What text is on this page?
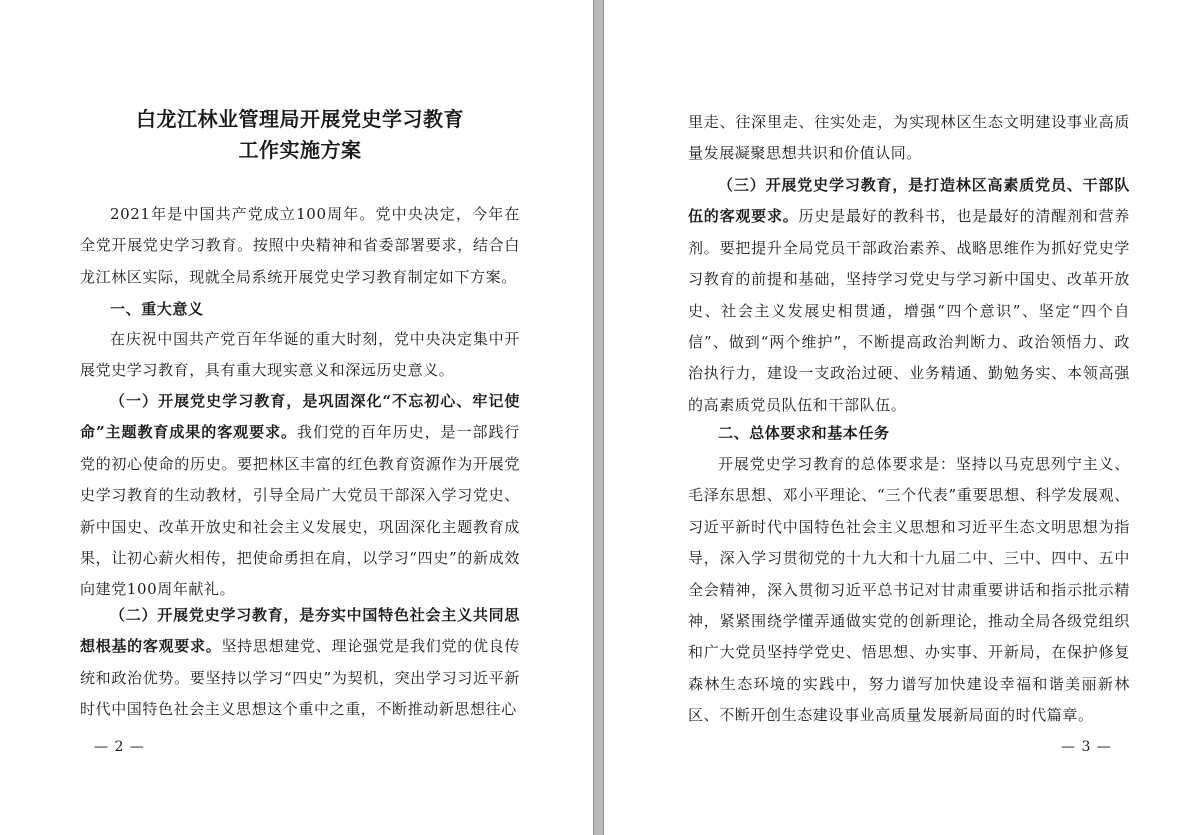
白龙江林业管理局开展党史学习教育
工作实施方案

2021年是中国共产党成立100周年。党中央决定，今年在全党开展党史学习教育。按照中央精神和省委部署要求，结合白龙江林区实际，现就全局系统开展党史学习教育制定如下方案。

一、重大意义

在庆祝中国共产党百年华诞的重大时刻，党中央决定集中开展党史学习教育，具有重大现实意义和深远历史意义。

（一）开展党史学习教育，是巩固深化“不忘初心、牢记使命”主题教育成果的客观要求。我们党的百年历史，是一部践行党的初心使命的历史。要把林区丰富的红色教育资源作为开展党史学习教育的生动教材，引导全局广大党员干部深入学习党史、新中国史、改革开放史和社会主义发展史，巩固深化主题教育成果，让初心薪火相传，把使命勇担在肩，以学习“四史”的新成效向建党100周年献礼。

（二）开展党史学习教育，是夯实中国特色社会主义共同思想根基的客观要求。坚持思想建党、理论强党是我们党的优良传统和政治优势。要坚持以学习“四史”为契机，突出学习习近平新时代中国特色社会主义思想这个重中之重，不断推动新思想往心

— 2 —

里走、往深里走、往实处走，为实现林区生态文明建设事业高质量发展凝聚思想共识和价值认同。

（三）开展党史学习教育，是打造林区高素质党员、干部队伍的客观要求。历史是最好的教科书，也是最好的清醒剂和营养剂。要把提升全局党员干部政治素养、战略思维作为抓好党史学习教育的前提和基础，坚持学习党史与学习新中国史、改革开放史、社会主义发展史相贯通，增强“四个意识”、坚定“四个自信”、做到“两个维护”，不断提高政治判断力、政治领悟力、政治执行力，建设一支政治过硬、业务精通、勤勉务实、本领高强的高素质党员队伍和干部队伍。

二、总体要求和基本任务

开展党史学习教育的总体要求是：坚持以马克思列宁主义、毛泽东思想、邓小平理论、“三个代表”重要思想、科学发展观、习近平新时代中国特色社会主义思想和习近平生态文明思想为指导，深入学习贯彻党的十九大和十九届二中、三中、四中、五中全会精神，深入贯彻习近平总书记对甘肃重要讲话和指示批示精神，紧紧围绕学懂弄通做实党的创新理论，推动全局各级党组织和广大党员坚持学党史、悟思想、办实事、开新局，在保护修复森林生态环境的实践中，努力谱写加快建设幸福和谐美丽新林区、不断开创生态建设事业高质量发展新局面的时代篇章。

— 3 —
